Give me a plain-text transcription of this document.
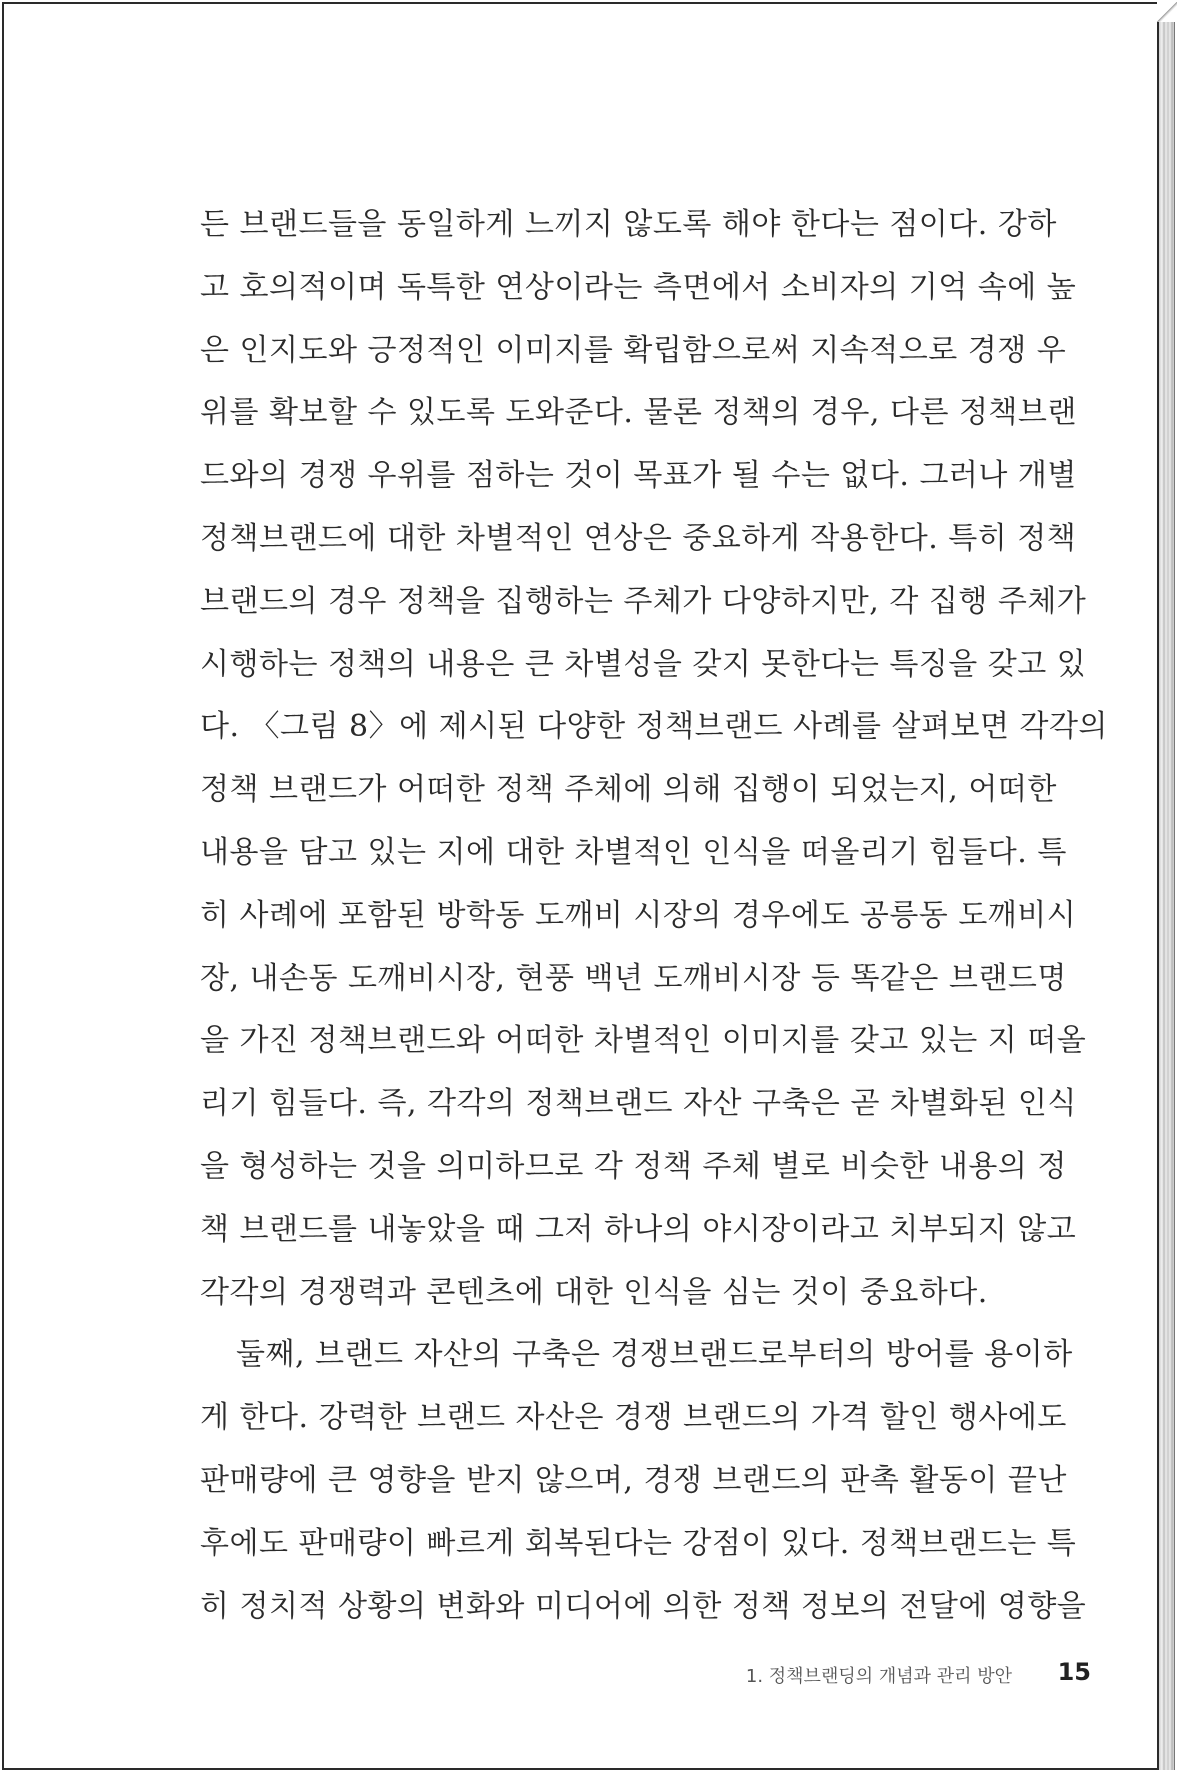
든 브랜드들을 동일하게 느끼지 않도록 해야 한다는 점이다. 강하
고 호의적이며 독특한 연상이라는 측면에서 소비자의 기억 속에 높
은 인지도와 긍정적인 이미지를 확립함으로써 지속적으로 경쟁 우
위를 확보할 수 있도록 도와준다. 물론 정책의 경우, 다른 정책브랜
드와의 경쟁 우위를 점하는 것이 목표가 될 수는 없다. 그러나 개별
정책브랜드에 대한 차별적인 연상은 중요하게 작용한다. 특히 정책
브랜드의 경우 정책을 집행하는 주체가 다양하지만, 각 집행 주체가
시행하는 정책의 내용은 큰 차별성을 갖지 못한다는 특징을 갖고 있
다. 〈그림 8〉에 제시된 다양한 정책브랜드 사례를 살펴보면 각각의
정책 브랜드가 어떠한 정책 주체에 의해 집행이 되었는지, 어떠한
내용을 담고 있는 지에 대한 차별적인 인식을 떠올리기 힘들다. 특
히 사례에 포함된 방학동 도깨비 시장의 경우에도 공릉동 도깨비시
장, 내손동 도깨비시장, 현풍 백년 도깨비시장 등 똑같은 브랜드명
을 가진 정책브랜드와 어떠한 차별적인 이미지를 갖고 있는 지 떠올
리기 힘들다. 즉, 각각의 정책브랜드 자산 구축은 곧 차별화된 인식
을 형성하는 것을 의미하므로 각 정책 주체 별로 비슷한 내용의 정
책 브랜드를 내놓았을 때 그저 하나의 야시장이라고 치부되지 않고
각각의 경쟁력과 콘텐츠에 대한 인식을 심는 것이 중요하다.
둘째, 브랜드 자산의 구축은 경쟁브랜드로부터의 방어를 용이하
게 한다. 강력한 브랜드 자산은 경쟁 브랜드의 가격 할인 행사에도
판매량에 큰 영향을 받지 않으며, 경쟁 브랜드의 판촉 활동이 끝난
후에도 판매량이 빠르게 회복된다는 강점이 있다. 정책브랜드는 특
히 정치적 상황의 변화와 미디어에 의한 정책 정보의 전달에 영향을
1. 정책브랜딩의 개념과 관리 방안 15
